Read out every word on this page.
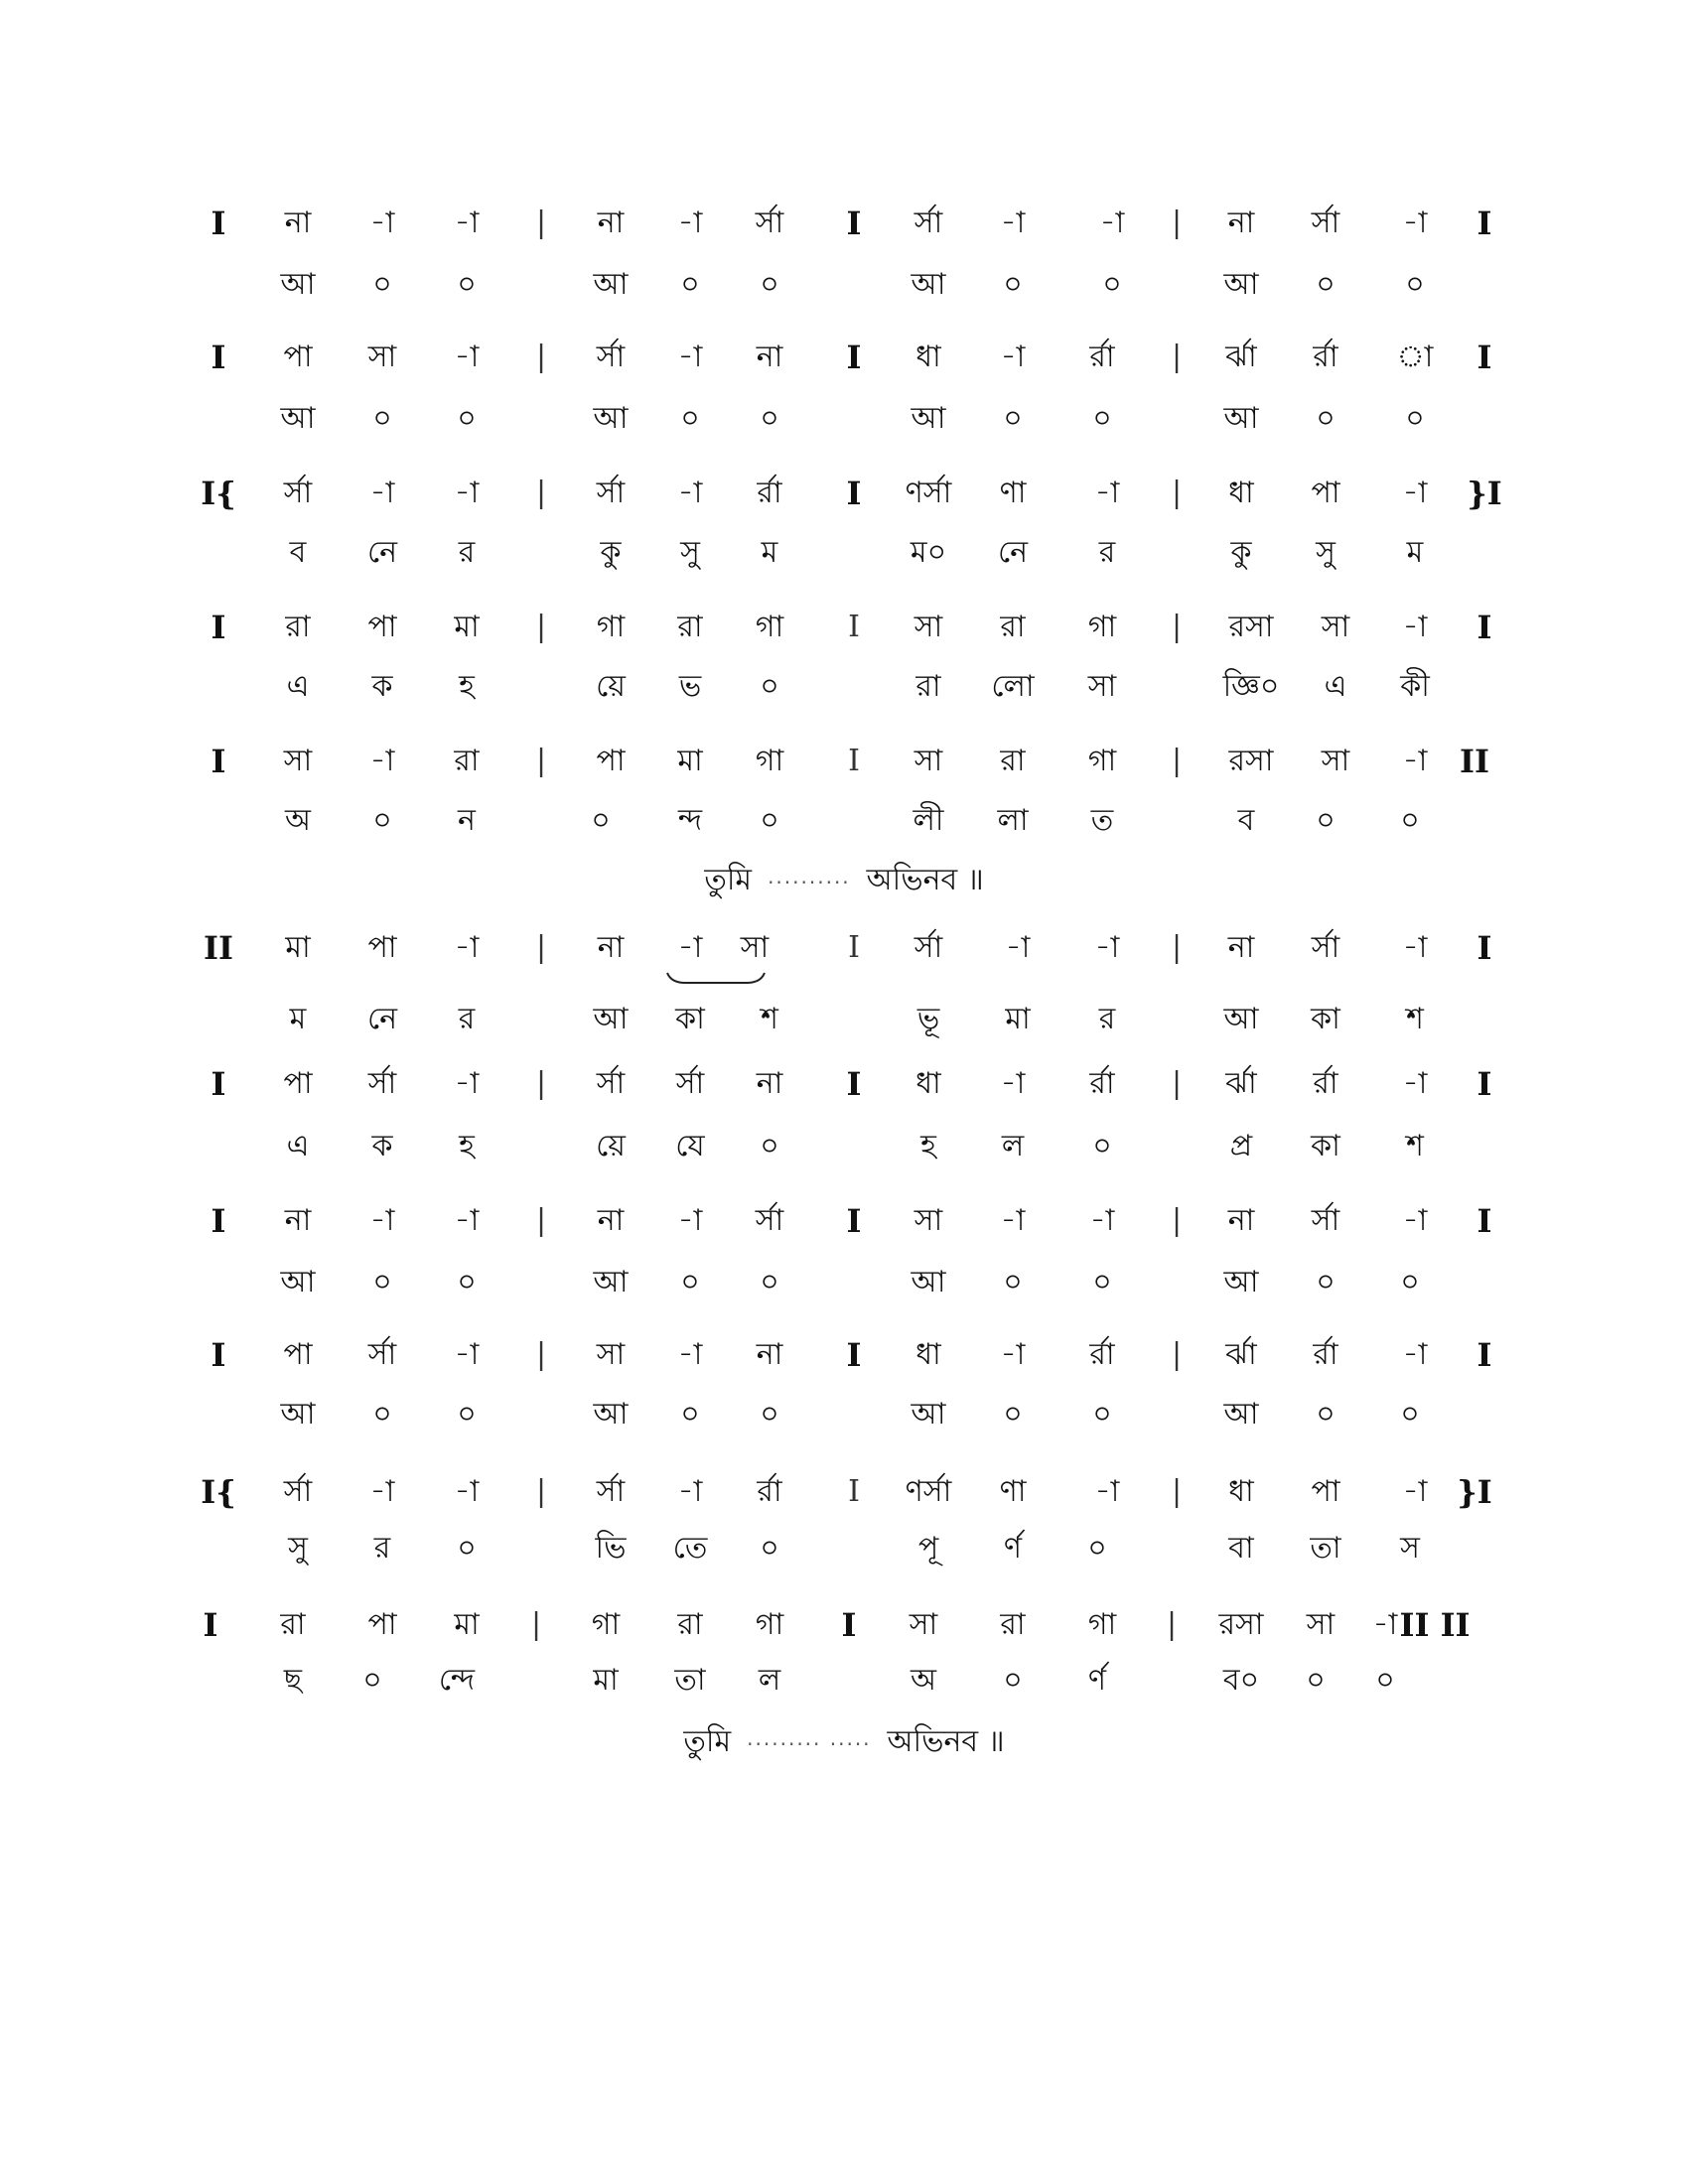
I	না	-া	-া	|	না	-া	র্সা	I	র্সা	-া	-া	|	না	র্সা	-া	I
আ	০	০	আ	০	০	আ	০	০	আ	০	০
I	পা	সা	-া	|	র্সা	-া	না	I	ধা	-া	র্রা	|	র্ঝা	র্রা	া	I
আ	০	০	আ	০	০	আ	০	০	আ	০	০
I{	র্সা	-া	-া	|	র্সা	-া	র্রা	I	ণর্সা	ণা	-া	|	ধা	পা	-া	}I
ব	নে	র	কু	সু	ম	ম০	নে	র	কু	সু	ম
I	রা	পা	মা	|	গা	রা	গা	I	সা	রা	গা	|	রসা	সা	-া	I
এ	ক	হ	য়ে	ভ	০	রা	লো	সা	জ্ঞি০	এ	কী
I	সা	-া	রা	|	পা	মা	গা	I	সা	রা	গা	|	রসা	সা	-া	II
অ	০	ন	০	ন্দ	০	লী	লা	ত	ব	০	০
তুমি ·········· অভিনব ॥
II	মা	পা	-া	|	না	-া	সা	I	র্সা	-া	-া	|	না	র্সা	-া	I
ম	নে	র	আ	কা	শ	ভূ	মা	র	আ	কা	শ
I	পা	র্সা	-া	|	র্সা	র্সা	না	I	ধা	-া	র্রা	|	র্ঝা	র্রা	-া	I
এ	ক	হ	য়ে	যে	০	হ	ল	০	প্র	কা	শ
I	না	-া	-া	|	না	-া	র্সা	I	সা	-া	-া	|	না	র্সা	-া	I
আ	০	০	আ	০	০	আ	০	০	আ	০	০
I	পা	র্সা	-া	|	সা	-া	না	I	ধা	-া	র্রা	|	র্ঝা	র্রা	-া	I
আ	০	০	আ	০	০	আ	০	০	আ	০	০
I{	র্সা	-া	-া	|	র্সা	-া	র্রা	I	ণর্সা	ণা	-া	|	ধা	পা	-া }I
সু	র	০	ভি	তে	০	পূ	র্ণ	০	বা	তা	স
I	রা	পা	মা	|	গা	রা	গা	I	সা	রা	গা	|	রসা	সা	-া II II
ছ	০	ন্দে	মা	তা	ল	অ	০	র্ণ	ব০	০	০
তুমি ········· ····· অভিনব ॥
